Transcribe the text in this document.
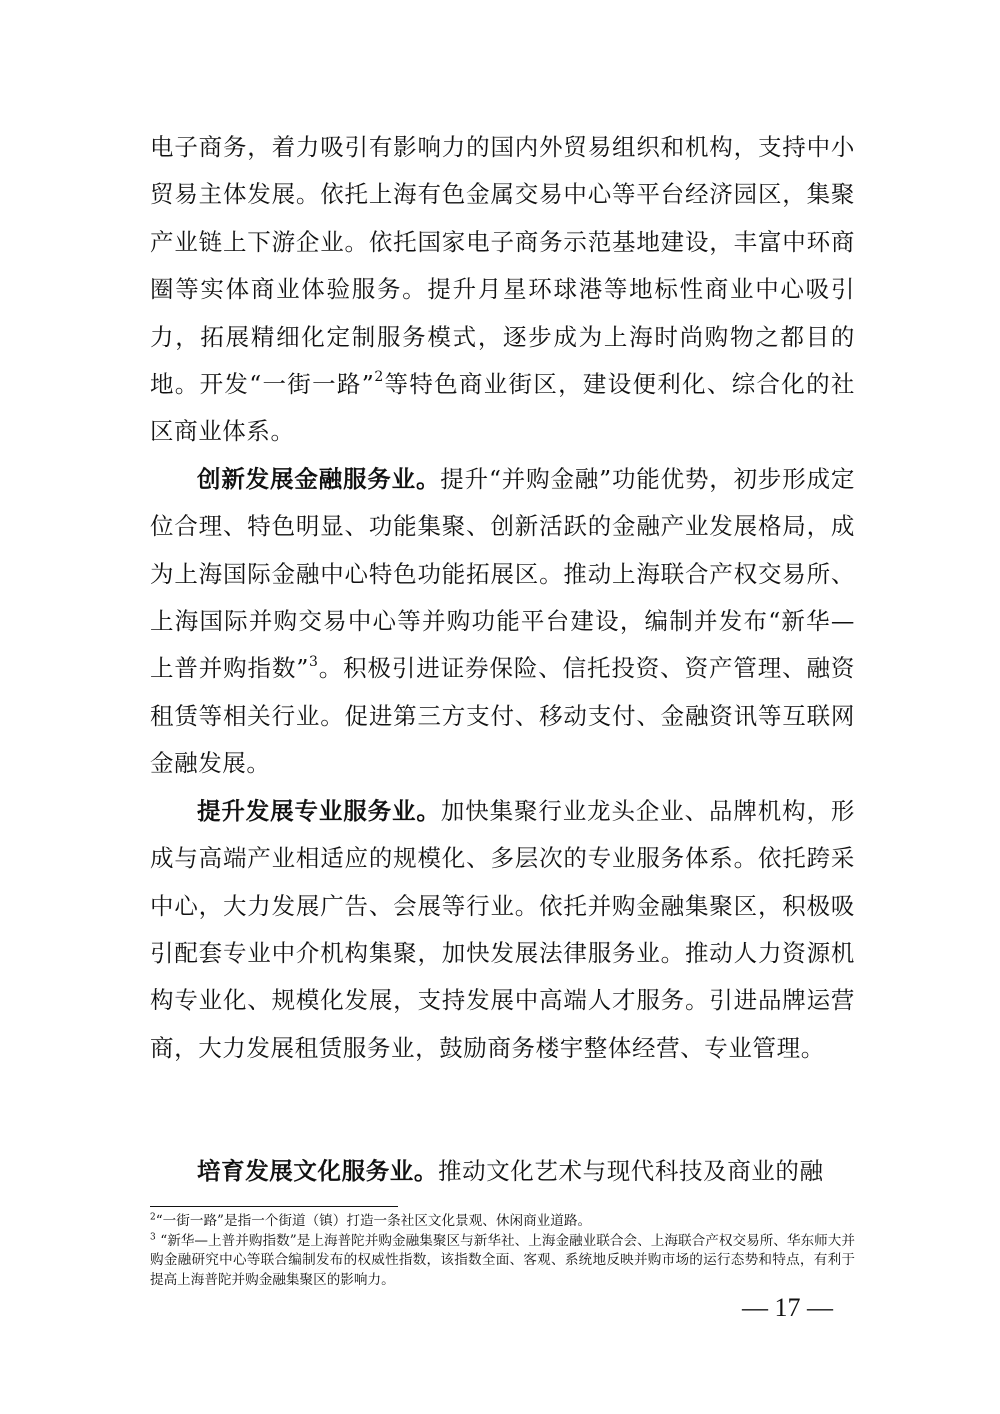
电子商务，着力吸引有影响力的国内外贸易组织和机构，支持中小贸易主体发展。依托上海有色金属交易中心等平台经济园区，集聚产业链上下游企业。依托国家电子商务示范基地建设，丰富中环商圈等实体商业体验服务。提升月星环球港等地标性商业中心吸引力，拓展精细化定制服务模式，逐步成为上海时尚购物之都目的地。开发“一街一路”$^2$等特色商业街区，建设便利化、综合化的社区商业体系。

创新发展金融服务业。提升“并购金融”功能优势，初步形成定位合理、特色明显、功能集聚、创新活跃的金融产业发展格局，成为上海国际金融中心特色功能拓展区。推动上海联合产权交易所、上海国际并购交易中心等并购功能平台建设，编制并发布“新华—上普并购指数”$^3$。积极引进证券保险、信托投资、资产管理、融资租赁等相关行业。促进第三方支付、移动支付、金融资讯等互联网金融发展。

提升发展专业服务业。加快集聚行业龙头企业、品牌机构，形成与高端产业相适应的规模化、多层次的专业服务体系。依托跨采中心，大力发展广告、会展等行业。依托并购金融集聚区，积极吸引配套专业中介机构集聚，加快发展法律服务业。推动人力资源机构专业化、规模化发展，支持发展中高端人才服务。引进品牌运营商，大力发展租赁服务业，鼓励商务楼宇整体经营、专业管理。

培育发展文化服务业。推动文化艺术与现代科技及商业的融

$^2$“一街一路”是指一个街道（镇）打造一条社区文化景观、休闲商业道路。

$^3$  “新华—上普并购指数”是上海普陀并购金融集聚区与新华社、上海金融业联合会、上海联合产权交易所、华东师大并购金融研究中心等联合编制发布的权威性指数，该指数全面、客观、系统地反映并购市场的运行态势和特点，有利于提高上海普陀并购金融集聚区的影响力。

— 17 —
